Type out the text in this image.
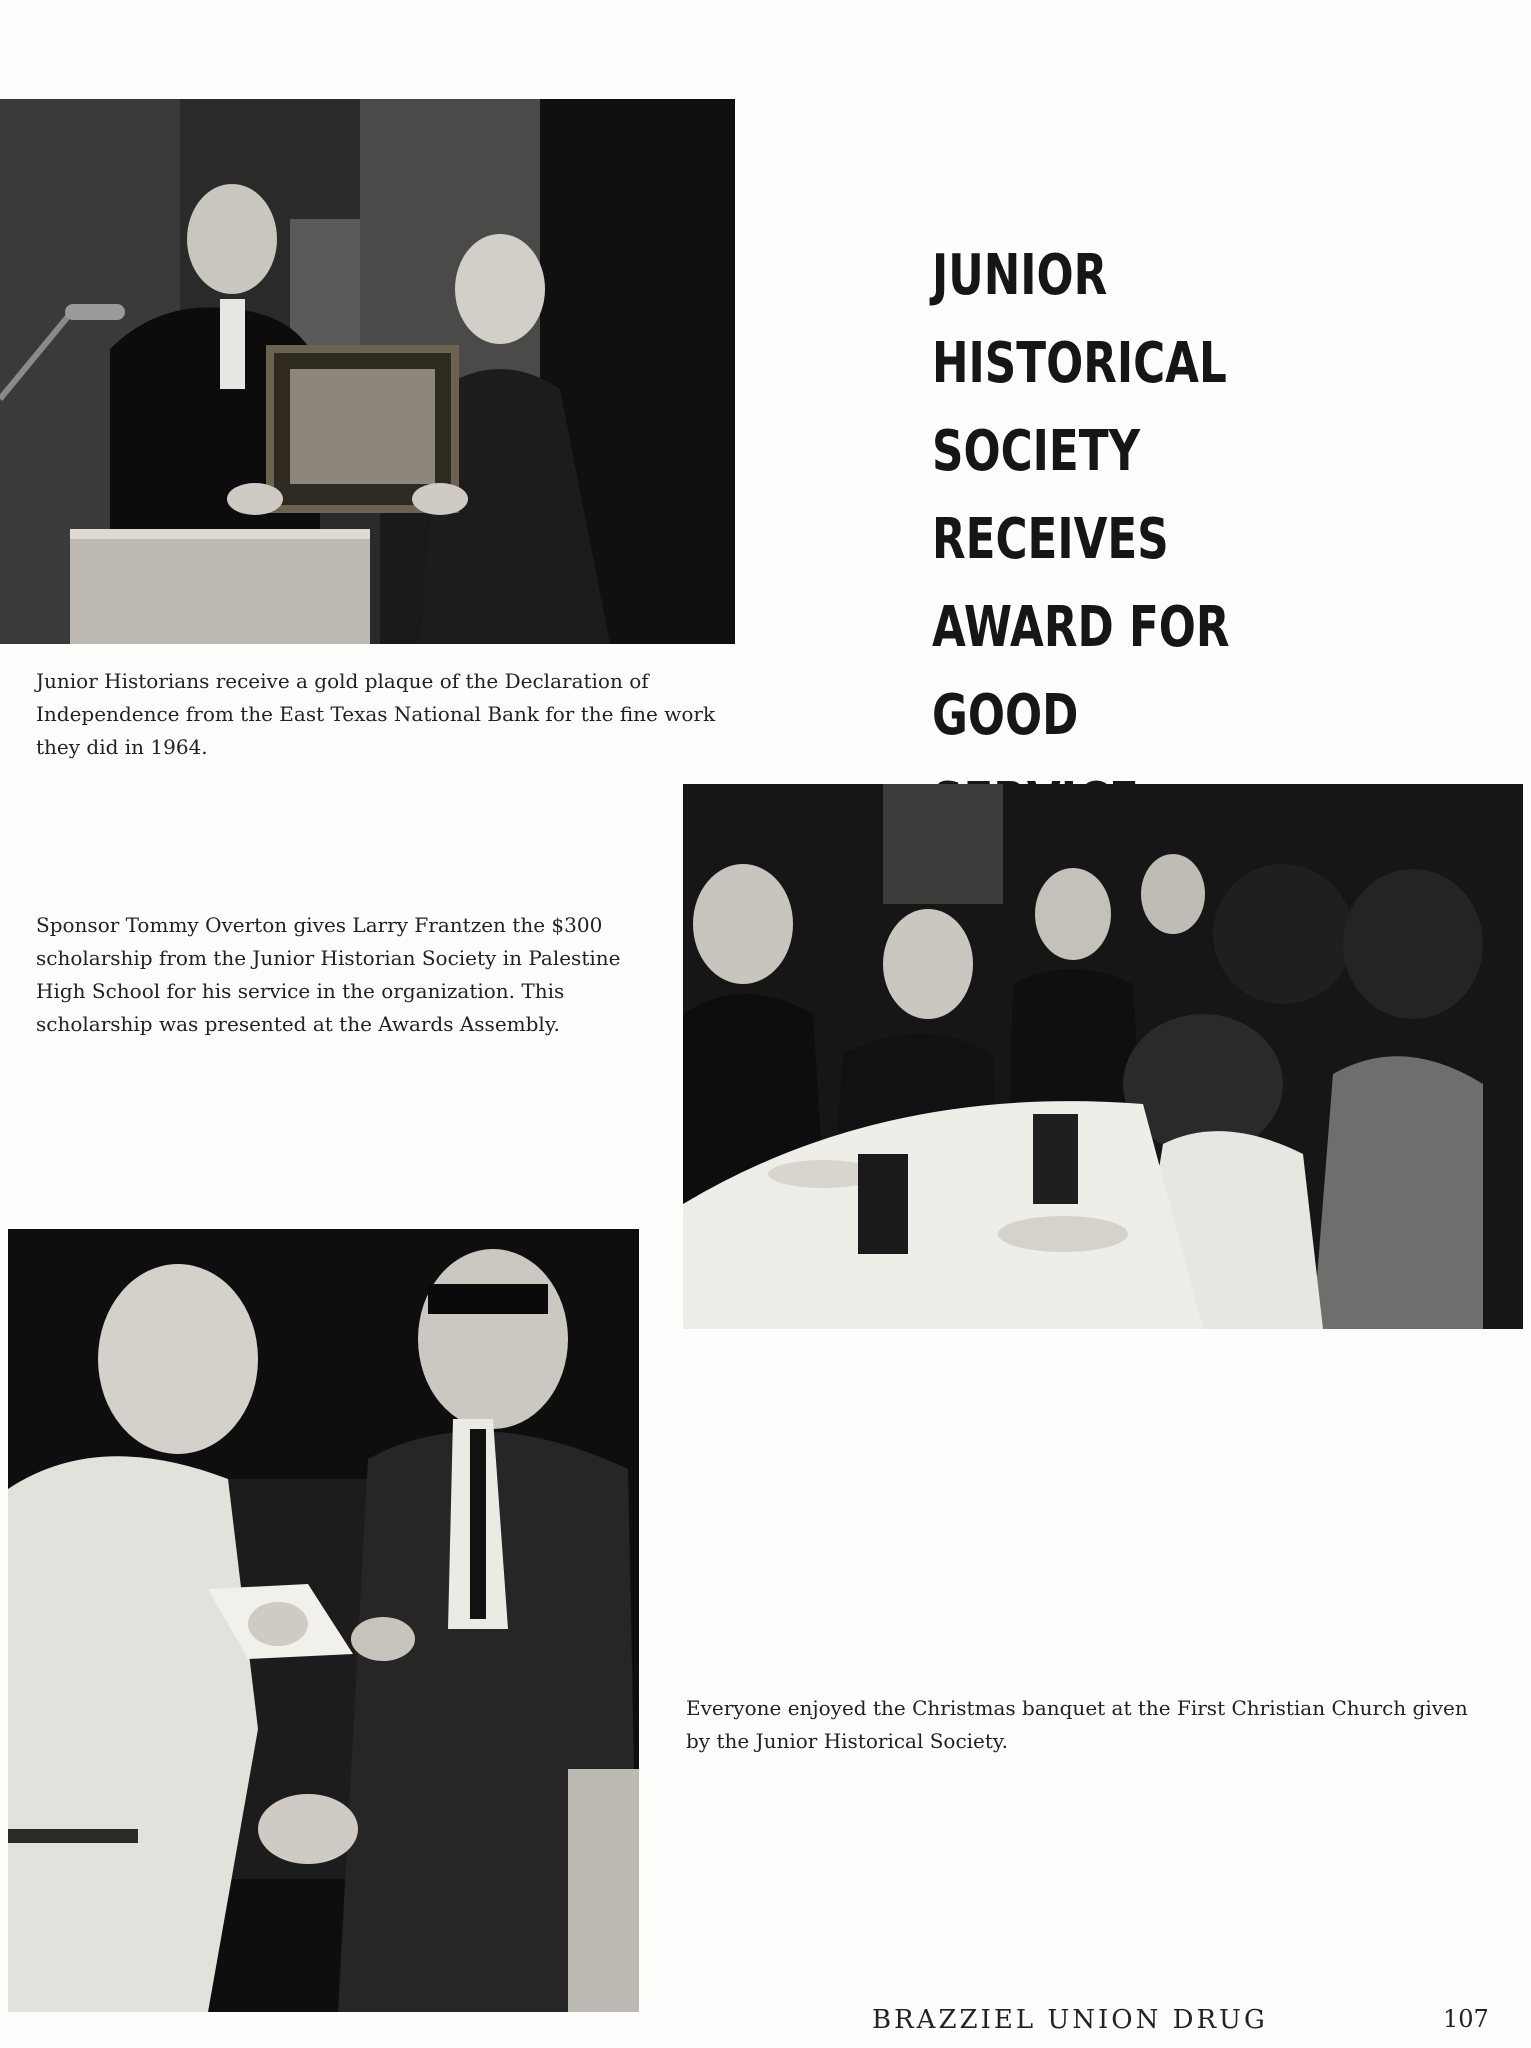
JUNIOR HISTORICAL
SOCIETY RECEIVES
AWARD FOR GOOD

Junior Historians receive a gold plaque of the Declaration of Independence from the East Texas National Bank for the fine work they did in 1964.

Sponsor Tommy Overton gives Larry Frantzen the $300 scholarship from the Junior Historian Society in Palestine High School for his service in the organization. This scholarship was presented at the Awards Assembly.

Everyone enjoyed the Christmas banquet at the First Christian Church given by the Junior Historical Society.

BRAZZIEL UNION DRUG	107
